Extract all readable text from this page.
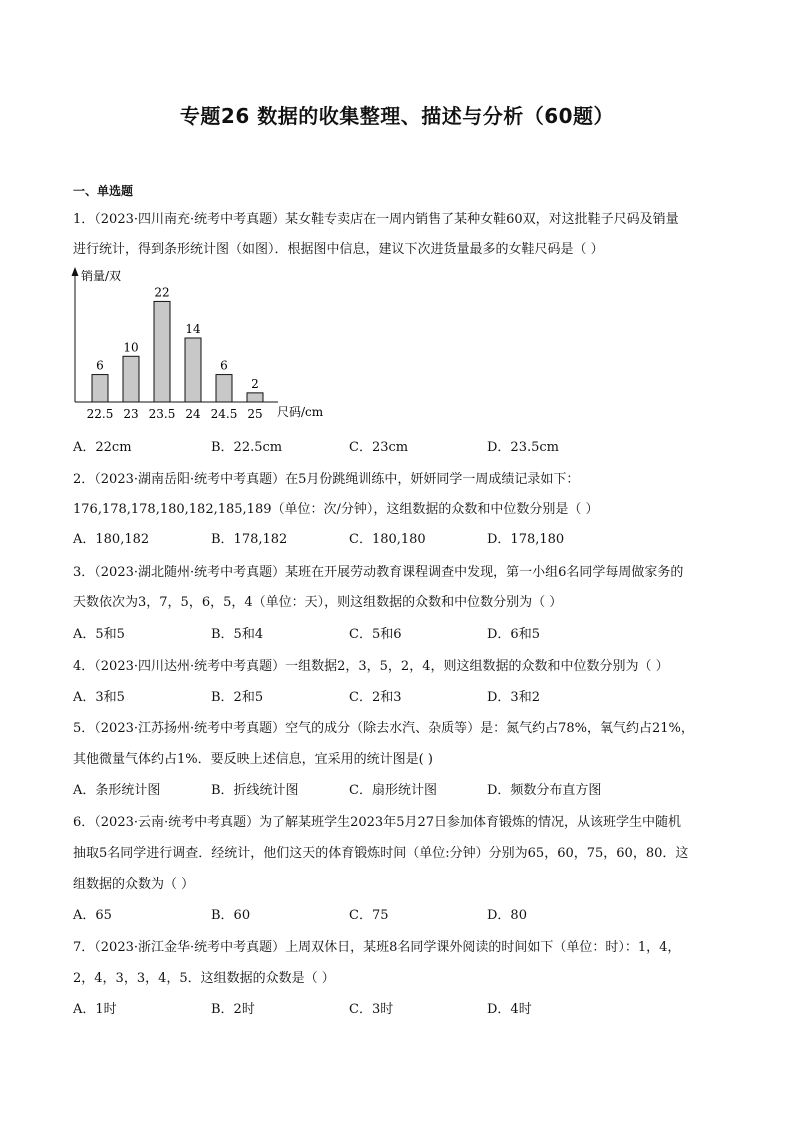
专题26 数据的收集整理、描述与分析（60题）
一、单选题
1．（2023·四川南充·统考中考真题）某女鞋专卖店在一周内销售了某种女鞋60双，对这批鞋子尺码及销量
进行统计，得到条形统计图（如图）．根据图中信息，建议下次进货量最多的女鞋尺码是（ ）
销量/双
尺码/cm
6
22.5
10
23
22
23.5
14
24
6
24.5
2
25
A．22cm	B．22.5cm	C．23cm	D．23.5cm
2．（2023·湖南岳阳·统考中考真题）在5月份跳绳训练中，妍妍同学一周成绩记录如下：
176,178,178,180,182,185,189（单位：次/分钟），这组数据的众数和中位数分别是（ ）
A．180,182	B．178,182	C．180,180	D．178,180
3．（2023·湖北随州·统考中考真题）某班在开展劳动教育课程调查中发现，第一小组6名同学每周做家务的
天数依次为3，7，5，6，5，4（单位：天），则这组数据的众数和中位数分别为（ ）
A．5和5	B．5和4	C．5和6	D．6和5
4．（2023·四川达州·统考中考真题）一组数据2，3，5，2，4，则这组数据的众数和中位数分别为（ ）
A．3和5	B．2和5	C．2和3	D．3和2
5．（2023·江苏扬州·统考中考真题）空气的成分（除去水汽、杂质等）是：氮气约占78%，氧气约占21%，
其他微量气体约占1%．要反映上述信息，宜采用的统计图是( )
A．条形统计图	B．折线统计图	C．扇形统计图	D．频数分布直方图
6．（2023·云南·统考中考真题）为了解某班学生2023年5月27日参加体育锻炼的情况，从该班学生中随机
抽取5名同学进行调查．经统计，他们这天的体育锻炼时间（单位:分钟）分别为65，60，75，60，80．这
组数据的众数为（ ）
A．65	B．60	C．75	D．80
7．（2023·浙江金华·统考中考真题）上周双休日，某班8名同学课外阅读的时间如下（单位：时）：1，4，
2，4，3，3，4，5．这组数据的众数是（ ）
A．1时	B．2时	C．3时	D．4时
